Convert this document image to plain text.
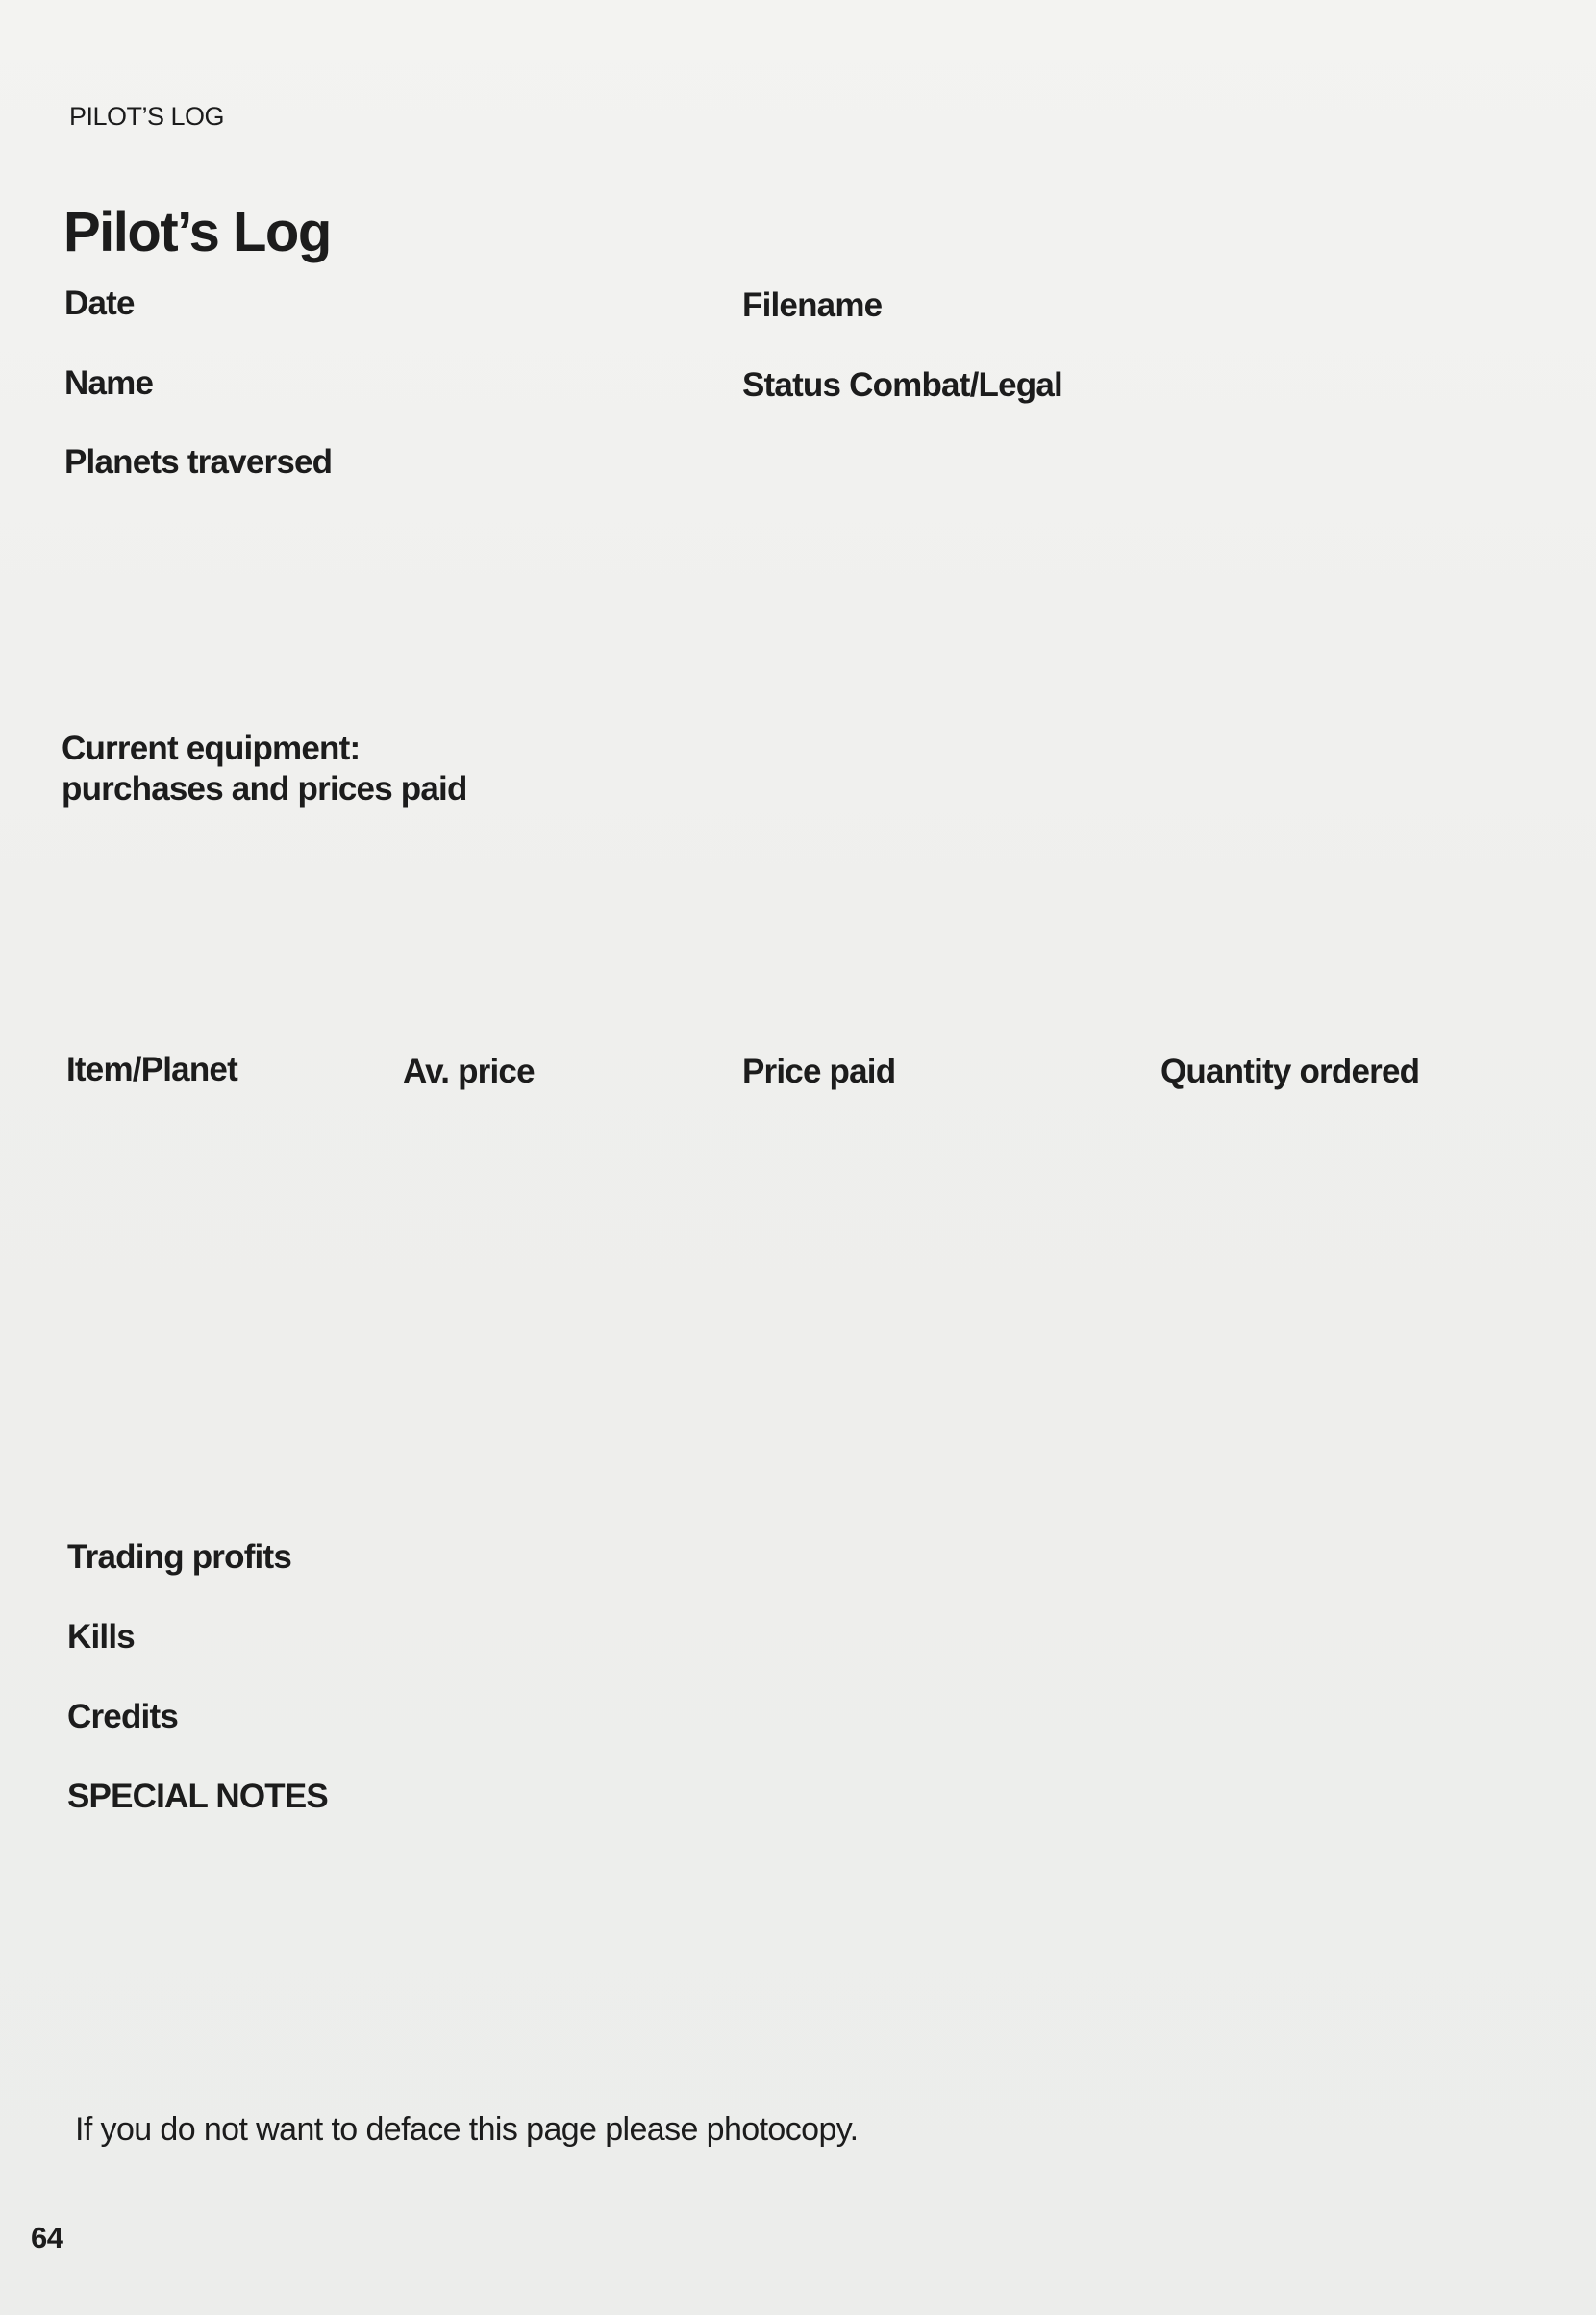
PILOT’S LOG
Pilot’s Log
Date	Filename
Name	Status Combat/Legal
Planets traversed
Current equipment:
purchases and prices paid
Item/Planet	Av. price	Price paid	Quantity ordered
Trading profits
Kills
Credits
SPECIAL NOTES
If you do not want to deface this page please photocopy.
64
